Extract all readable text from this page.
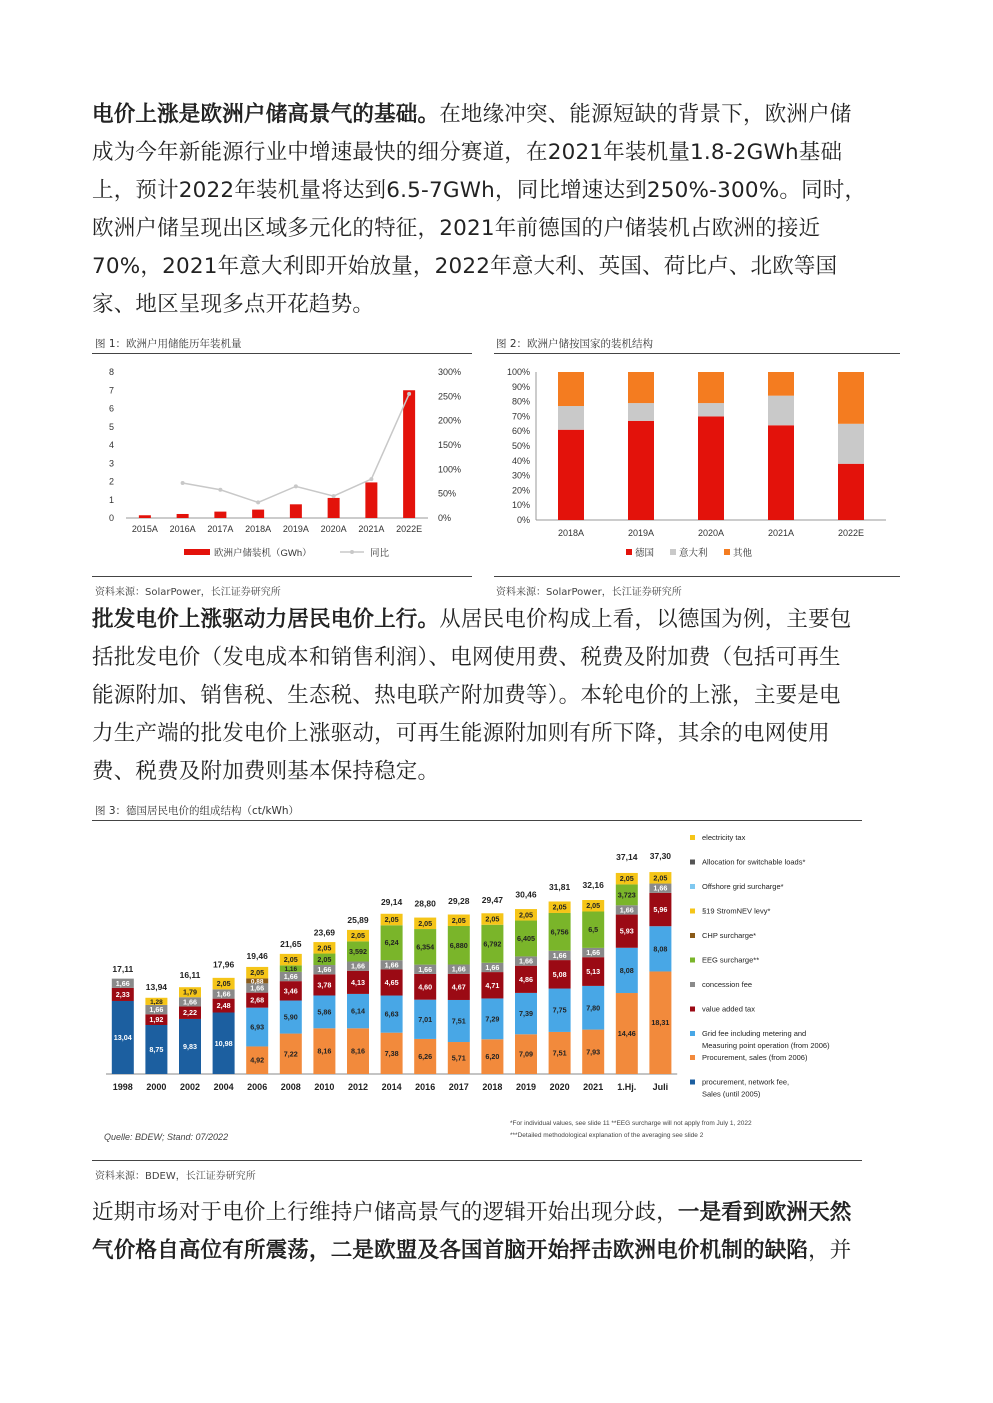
电价上涨是欧洲户储高景气的基础。在地缘冲突、能源短缺的背景下，欧洲户储
成为今年新能源行业中增速最快的细分赛道，在2021年装机量1.8-2GWh基础
上，预计2022年装机量将达到6.5-7GWh，同比增速达到250%-300%。同时，
欧洲户储呈现出区域多元化的特征，2021年前德国的户储装机占欧洲的接近
70%，2021年意大利即开始放量，2022年意大利、英国、荷比卢、北欧等国
家、地区呈现多点开花趋势。
图 1：欧洲户用储能历年装机量
0
1
2
3
4
5
6
7
8
0%
50%
100%
150%
200%
250%
300%
2015A 2016A 2017A 2018A 2019A 2020A 2021A 2022E
欧洲户储装机（GWh）	同比
资料来源：SolarPower，长江证券研究所
图 2：欧洲户储按国家的装机结构
0%
10%
20%
30%
40%
50%
60%
70%
80%
90%
100%
2018A	2019A	2020A	2021A	2022E
德国	意大利	其他
资料来源：SolarPower，长江证券研究所
批发电价上涨驱动力居民电价上行。从居民电价构成上看，以德国为例，主要包
括批发电价（发电成本和销售利润）、电网使用费、税费及附加费（包括可再生
能源附加、销售税、生态税、热电联产附加费等）。本轮电价的上涨，主要是电
力生产端的批发电价上涨驱动，可再生能源附加则有所下降，其余的电网使用
费、税费及附加费则基本保持稳定。
图 3：德国居民电价的组成结构（ct/kWh）
13,04
2,33
1,66
17,11
1998
8,75
1,92
1,66
1,28
13,94
2000
9,83
2,22
1,66
1,79
16,11
2002
10,98
2,48
1,66
2,05
17,96
2004
4,92
6,93
2,68
1,66
0,88
2,05
19,46
2006
7,22
5,90
3,46
1,66
1,16
2,05
21,65
2008
8,16
5,86
3,78
1,66
2,05
2,05
23,69
2010
8,16
6,14
4,13
1,66
3,592
2,05
25,89
2012
7,38
6,63
4,65
1,66
6,24
2,05
29,14
2014
6,26
7,01
4,60
1,66
6,354
2,05
28,80
2016
5,71
7,51
4,67
1,66
6,880
2,05
29,28
2017
6,20
7,29
4,71
1,66
6,792
2,05
29,47
2018
7,09
7,39
4,86
1,66
6,405
2,05
30,46
2019
7,51
7,75
5,08
1,66
6,756
2,05
31,81
2020
7,93
7,80
5,13
1,66
6,5
2,05
32,16
2021
14,46
8,08
5,93
1,66
3,723
2,05
37,14
1.Hj.
18,31
8,08
5,96
1,66
2,05
37,30
Juli
electricity tax
Allocation for switchable loads*
Offshore grid surcharge*
§19 StromNEV levy*
CHP surcharge*
EEG surcharge**
concession fee
value added tax
Grid fee including metering and
Measuring point operation (from 2006)
Procurement, sales (from 2006)
procurement, network fee,
Sales (until 2005)
Quelle: BDEW; Stand: 07/2022
*For individual values, see slide 11 **EEG surcharge will not apply from July 1, 2022
***Detailed methodological explanation of the averaging see slide 2
资料来源：BDEW，长江证券研究所
近期市场对于电价上行维持户储高景气的逻辑开始出现分歧，一是看到欧洲天然
气价格自高位有所震荡，二是欧盟及各国首脑开始抨击欧洲电价机制的缺陷，并
